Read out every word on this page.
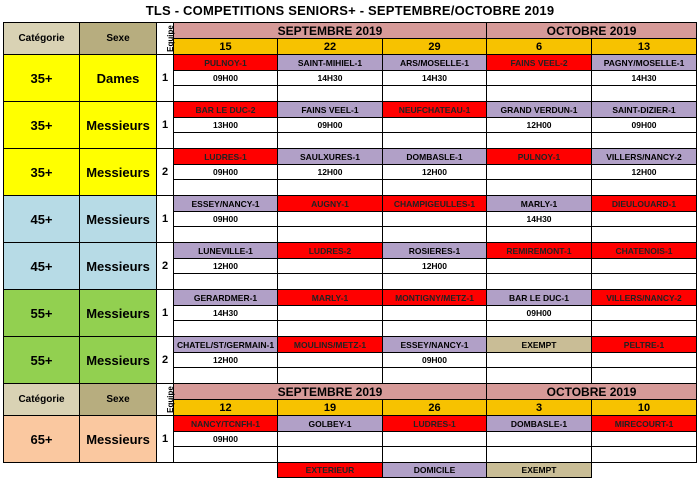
TLS - COMPETITIONS SENIORS+ - SEPTEMBRE/OCTOBRE 2019
Catégorie	Sexe	Equipe	SEPTEMBRE 2019			OCTOBRE 2019	
			15	22	29	6	13
35+	Dames	1	PULNOY-1	SAINT-MIHIEL-1	ARS/MOSELLE-1	FAINS VEEL-2	PAGNY/MOSELLE-1
			09H00	14H30	14H30		14H30

35+	Messieurs	1	BAR LE DUC-2	FAINS VEEL-1	NEUFCHATEAU-1	GRAND VERDUN-1	SAINT-DIZIER-1
			13H00	09H00		12H00	09H00

35+	Messieurs	2	LUDRES-1	SAULXURES-1	DOMBASLE-1	PULNOY-1	VILLERS/NANCY-2
			09H00	12H00	12H00		12H00

45+	Messieurs	1	ESSEY/NANCY-1	AUGNY-1	CHAMPIGEULLES-1	MARLY-1	DIEULOUARD-1
			09H00			14H30	

45+	Messieurs	2	LUNEVILLE-1	LUDRES-2	ROSIERES-1	REMIREMONT-1	CHATENOIS-1
			12H00		12H00		

55+	Messieurs	1	GERARDMER-1	MARLY-1	MONTIGNY/METZ-1	BAR LE DUC-1	VILLERS/NANCY-2
			14H30			09H00	

55+	Messieurs	2	CHATEL/ST/GERMAIN-1	MOULINS/METZ-1	ESSEY/NANCY-1	EXEMPT	PELTRE-1
			12H00		09H00		

Catégorie	Sexe	Equipe	SEPTEMBRE 2019			OCTOBRE 2019	
			12	19	26	3	10
65+	Messieurs	1	NANCY/TCNFH-1	GOLBEY-1	LUDRES-1	DOMBASLE-1	MIRECOURT-1
			09H00				

				EXTERIEUR	DOMICILE	EXEMPT	
